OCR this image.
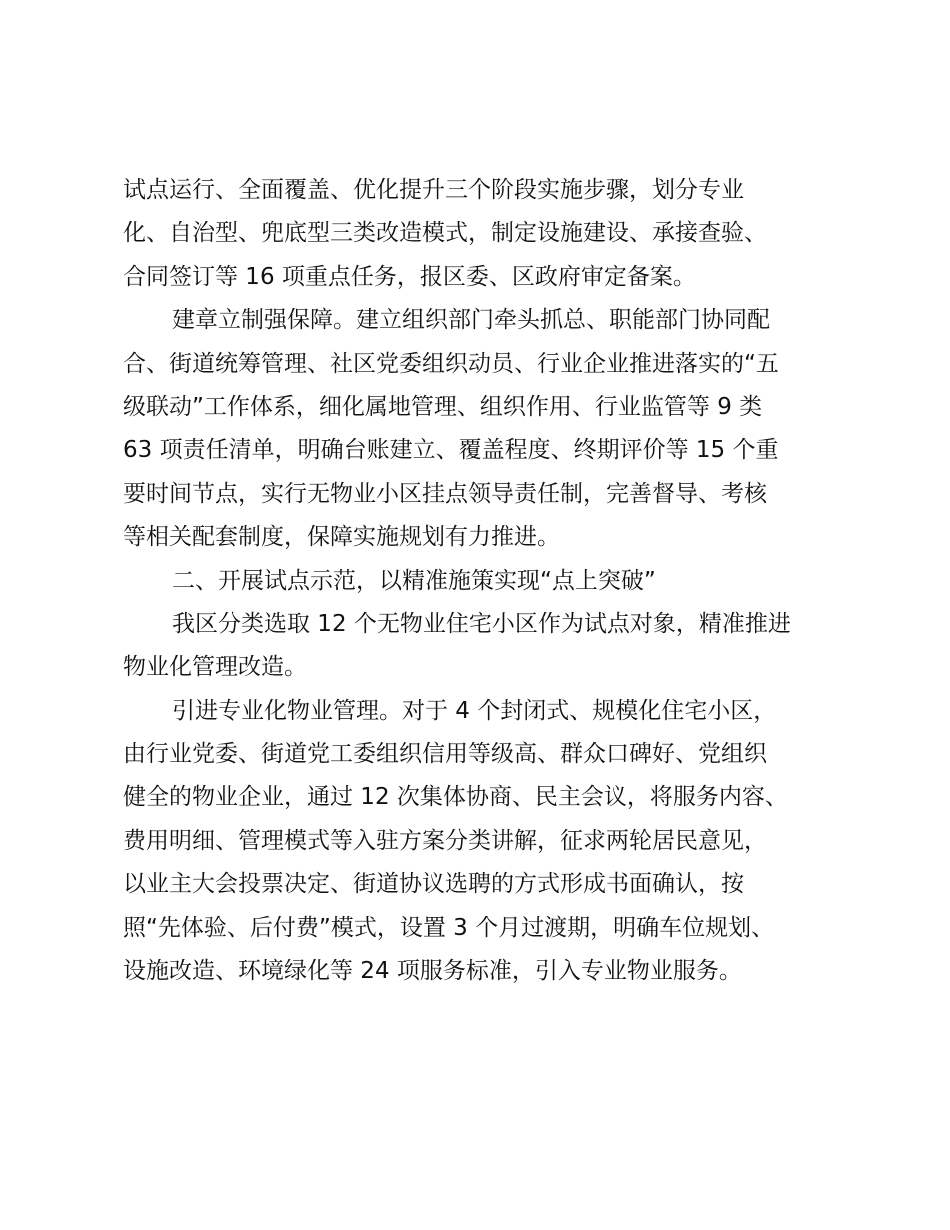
试点运行、全面覆盖、优化提升三个阶段实施步骤，划分专业
化、自治型、兜底型三类改造模式，制定设施建设、承接查验、
合同签订等 16 项重点任务，报区委、区政府审定备案。
建章立制强保障。建立组织部门牵头抓总、职能部门协同配
合、街道统筹管理、社区党委组织动员、行业企业推进落实的“五
级联动”工作体系，细化属地管理、组织作用、行业监管等 9 类
63 项责任清单，明确台账建立、覆盖程度、终期评价等 15 个重
要时间节点，实行无物业小区挂点领导责任制，完善督导、考核
等相关配套制度，保障实施规划有力推进。
二、开展试点示范，以精准施策实现“点上突破”
我区分类选取 12 个无物业住宅小区作为试点对象，精准推进
物业化管理改造。
引进专业化物业管理。对于 4 个封闭式、规模化住宅小区，
由行业党委、街道党工委组织信用等级高、群众口碑好、党组织
健全的物业企业，通过 12 次集体协商、民主会议，将服务内容、
费用明细、管理模式等入驻方案分类讲解，征求两轮居民意见，
以业主大会投票决定、街道协议选聘的方式形成书面确认，按
照“先体验、后付费”模式，设置 3 个月过渡期，明确车位规划、
设施改造、环境绿化等 24 项服务标准，引入专业物业服务。
